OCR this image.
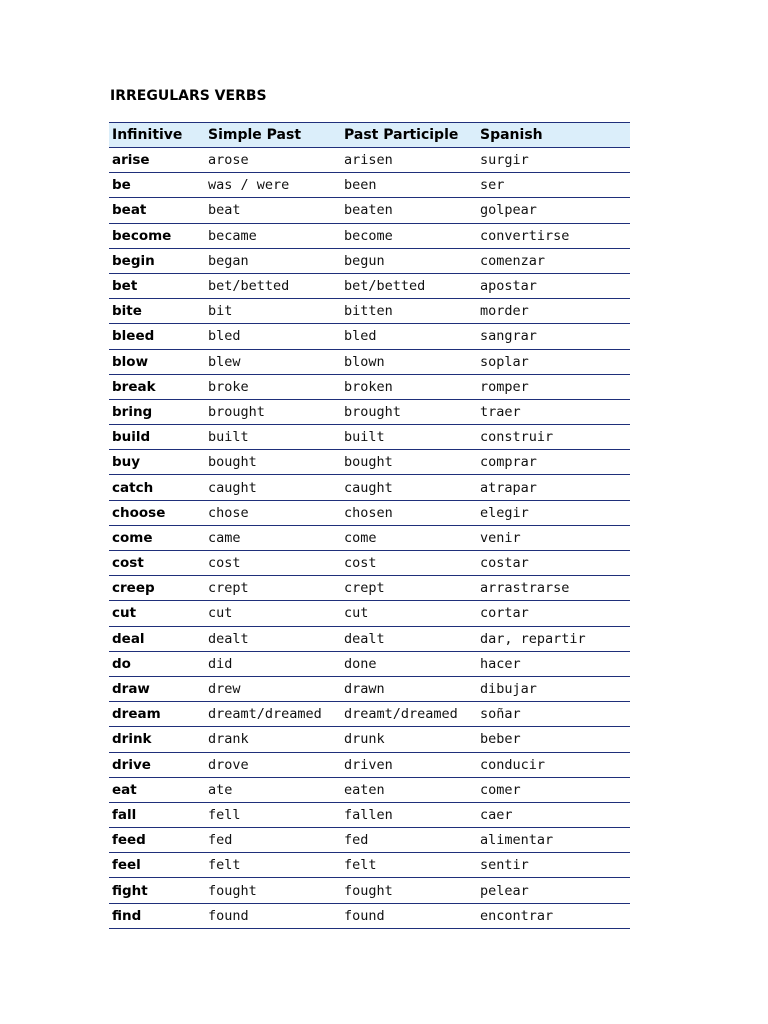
IRREGULARS VERBS
Infinitive	Simple Past	Past Participle	Spanish
arise	arose	arisen	surgir
be	was / were	been	ser
beat	beat	beaten	golpear
become	became	become	convertirse
begin	began	begun	comenzar
bet	bet/betted	bet/betted	apostar
bite	bit	bitten	morder
bleed	bled	bled	sangrar
blow	blew	blown	soplar
break	broke	broken	romper
bring	brought	brought	traer
build	built	built	construir
buy	bought	bought	comprar
catch	caught	caught	atrapar
choose	chose	chosen	elegir
come	came	come	venir
cost	cost	cost	costar
creep	crept	crept	arrastrarse
cut	cut	cut	cortar
deal	dealt	dealt	dar, repartir
do	did	done	hacer
draw	drew	drawn	dibujar
dream	dreamt/dreamed	dreamt/dreamed	soñar
drink	drank	drunk	beber
drive	drove	driven	conducir
eat	ate	eaten	comer
fall	fell	fallen	caer
feed	fed	fed	alimentar
feel	felt	felt	sentir
fight	fought	fought	pelear
find	found	found	encontrar
